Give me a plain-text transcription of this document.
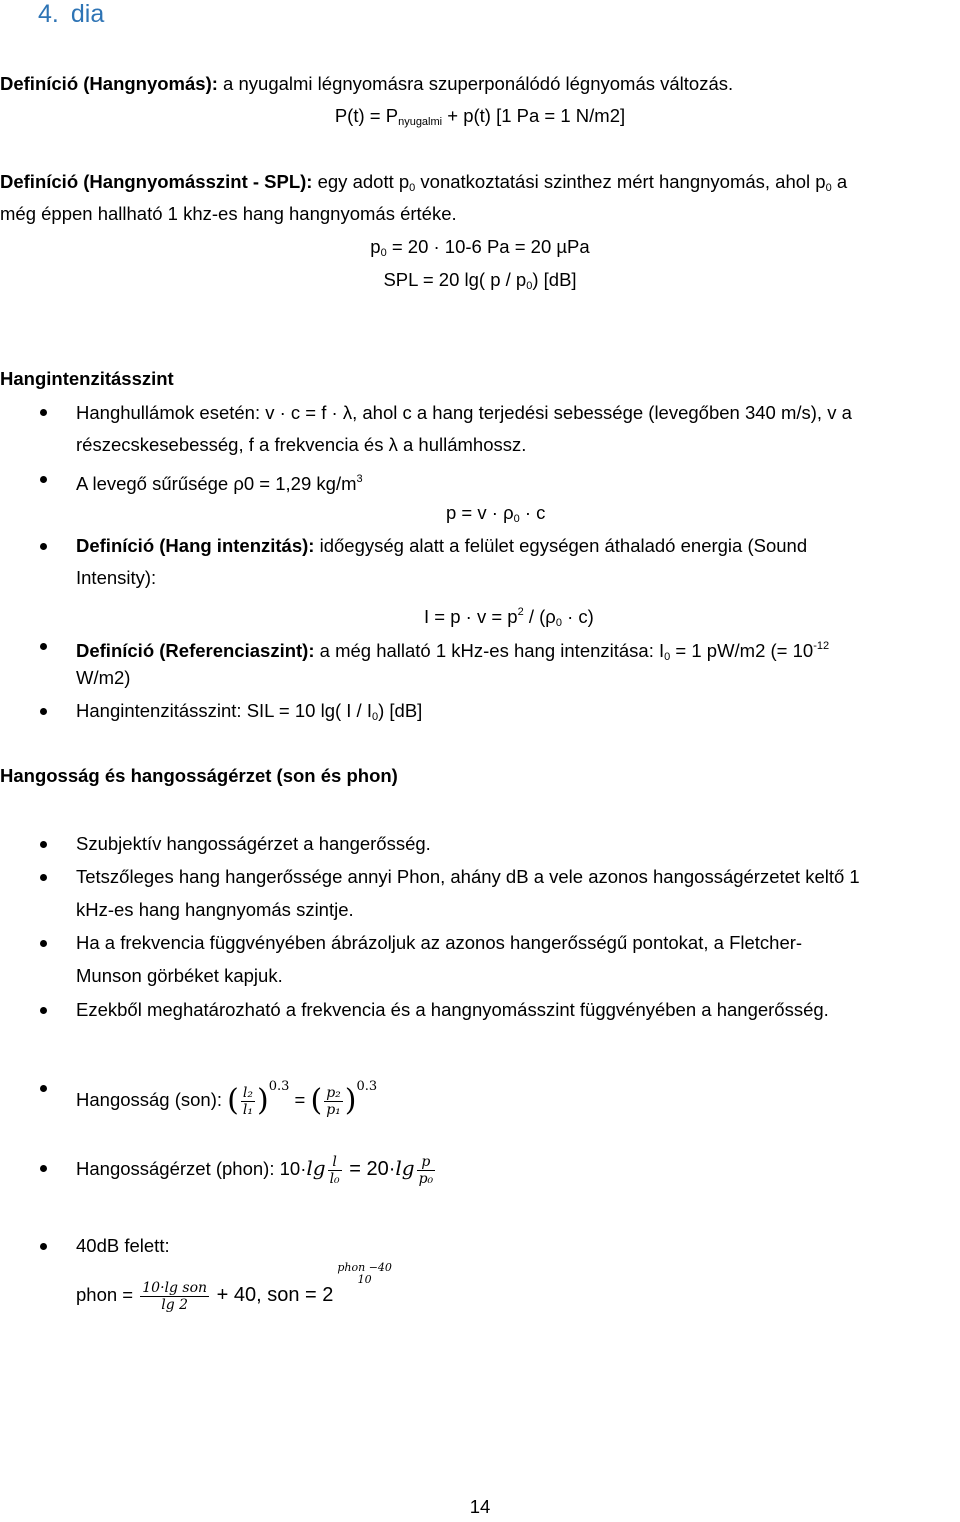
4. dia
Definíció (Hangnyomás): a nyugalmi légnyomásra szuperponálódó légnyomás változás.
$P(t) = P_{nyugalmi} + p(t)$ [1 Pa = 1 N/m2]
Definíció (Hangnyomásszint - SPL): egy adott $p_0$ vonatkoztatási szinthez mért hangnyomás, ahol $p_0$ a
még éppen hallható 1 khz-es hang hangnyomás értéke.
$p_0 = 20 \cdot 10-6$ Pa = 20 µPa
SPL = 20 lg( p / $p_0$) [dB]
Hangintenzitásszint
Hanghullámok esetén: v · c = f · λ, ahol c a hang terjedési sebessége (levegőben 340 m/s), v a
részecskesebesség, f a frekvencia és λ a hullámhossz.
A levegő sűrűsége ρ0 = 1,29 $kg/m^3$
$p = v \cdot \rho_0 \cdot c$
Definíció (Hang intenzitás): időegység alatt a felület egységen áthaladó energia (Sound
Intensity):
$I = p \cdot v = p^2 / (\rho_0 \cdot c)$
Definíció (Referenciaszint): a még hallató 1 kHz-es hang intenzitása: $I_0 = 1$ pW/m2 (= $10^{-12}$
W/m2)
Hangintenzitásszint: SIL = 10 lg( I / $I_0$) [dB]
Hangosság és hangosságérzet (son és phon)
Szubjektív hangosságérzet a hangerősség.
Tetszőleges hang hangerőssége annyi Phon, ahány dB a vele azonos hangosságérzetet keltő 1
kHz-es hang hangnyomás szintje.
Ha a frekvencia függvényében ábrázoljuk az azonos hangerősségű pontokat, a Fletcher-
Munson görbéket kapjuk.
Ezekből meghatározható a frekvencia és a hangnyomásszint függvényében a hangerősség.
Hangosság (son): ( $\frac{\text{l₂}}{\text{l₁}} )^{0.3}$ = ( $\frac{\text{p₂}}{\text{p₁}} )^{0.3}$
Hangosságérzet (phon): $10\cdot\lg \frac{l}{\text{l₀}} = 20\cdot\lg \frac{p}{\text{p₀}}$
40dB felett:
phon = $\frac{\text{10·lg son}}{\lg 2} + 40$, son = 2
phon −40
10
14
